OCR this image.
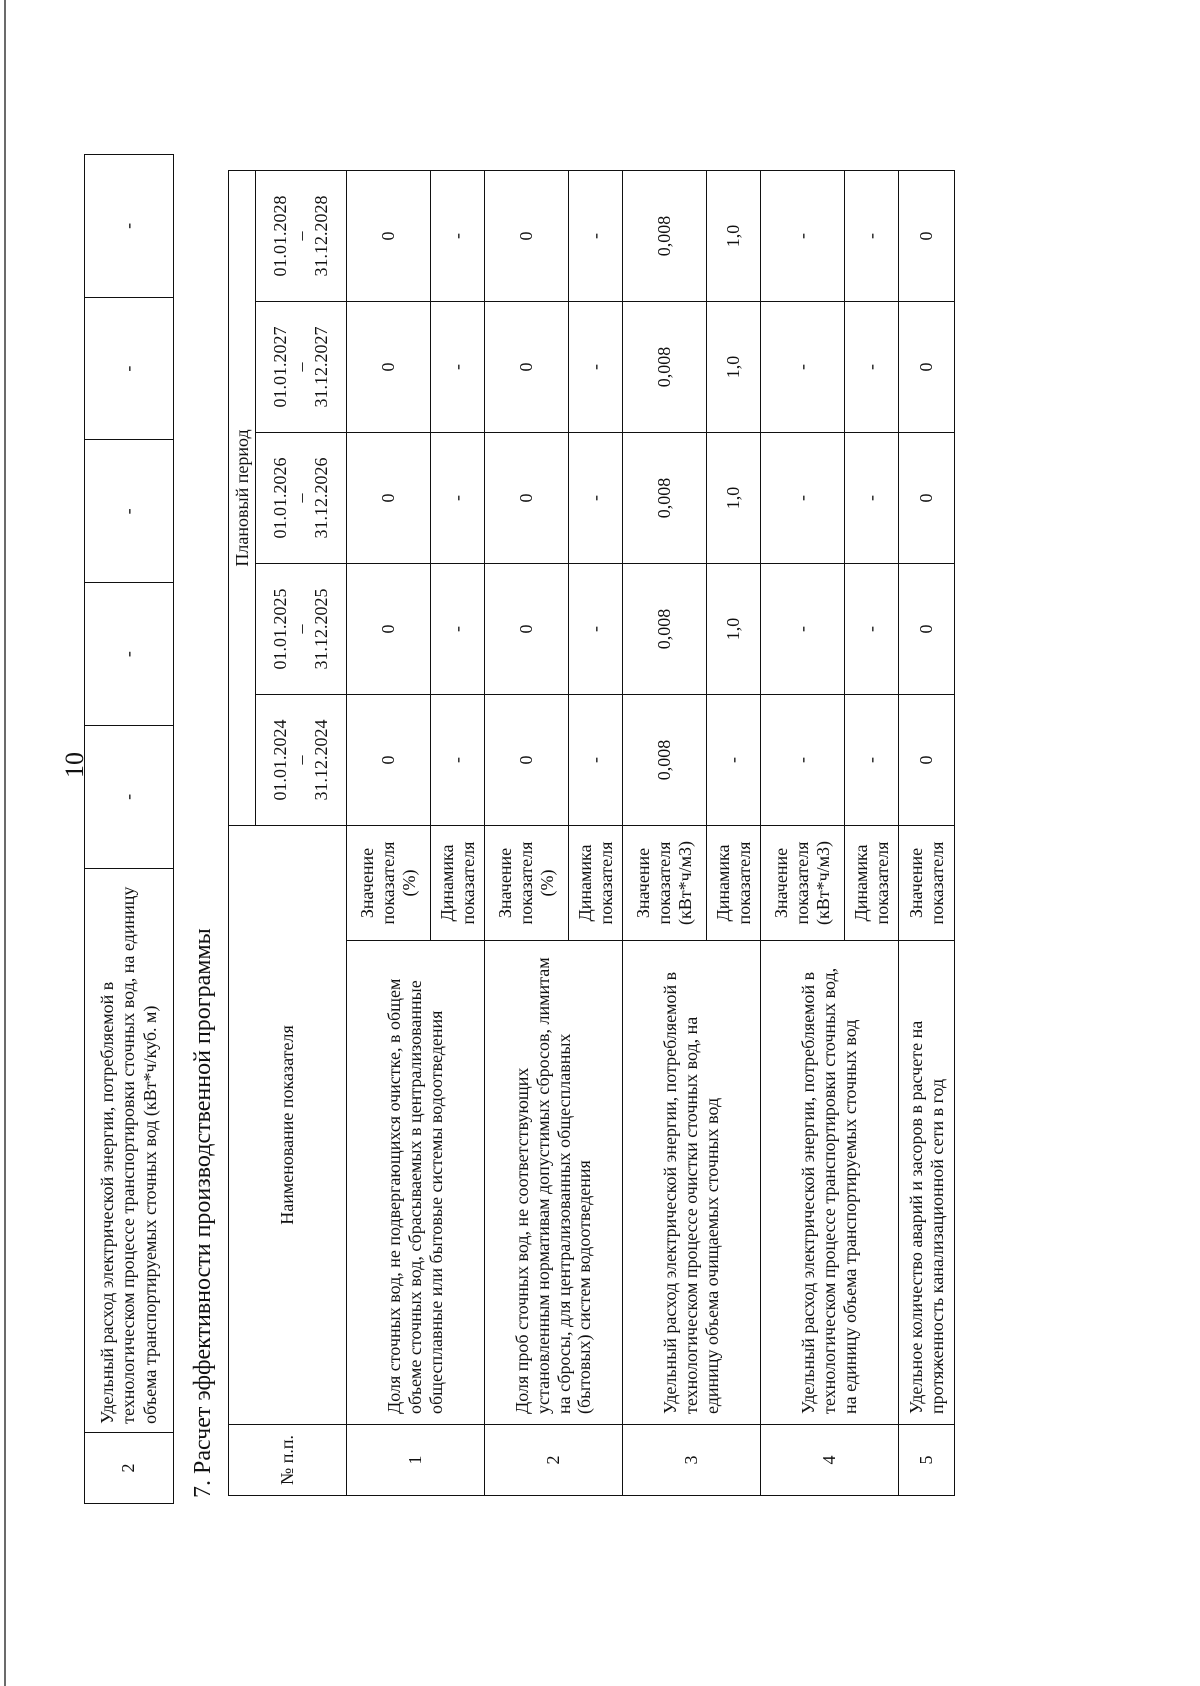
10
2	Удельный расход электрической энергии, потребляемой в технологическом процессе транспортировки сточных вод, на единицу объема транспортируемых сточных вод (кВт*ч/куб. м)	-	-	-	-	-
7. Расчет эффективности производственной программы	№ п.п.	Наименование показателя		Плановый период				

			01.01.2024 – 31.12.2024	01.01.2025 – 31.12.2025	01.01.2026 – 31.12.2026	01.01.2027 – 31.12.2027	01.01.2028 – 31.12.2028

1	Доля сточных вод, не подвергающихся очистке, в общем объеме сточных вод, сбрасываемых в централизованные общесплавные или бытовые системы водоотведения	Значение показателя (%)	0	0	0	0	0
		Динамика показателя	-	-	-	-	-
2	Доля проб сточных вод, не соответствующих установленным нормативам допустимых сбросов, лимитам на сбросы, для централизованных общесплавных (бытовых) систем водоотведения	Значение показателя (%)	0	0	0	0	0
		Динамика показателя	-	-	-	-	-
3	Удельный расход электрической энергии, потребляемой в технологическом процессе очистки сточных вод, на единицу объема очищаемых сточных вод	Значение показателя (кВт*ч/м3)	0,008	0,008	0,008	0,008	0,008
		Динамика показателя	-	1,0	1,0	1,0	1,0
4	Удельный расход электрической энергии, потребляемой в технологическом процессе транспортировки сточных вод, на единицу объема транспортируемых сточных вод	Значение показателя (кВт*ч/м3)	-	-	-	-	-
		Динамика показателя	-	-	-	-	-
5	Удельное количество аварий и засоров в расчете на протяженность канализационной сети в год	Значение показателя	0	0	0	0	0
